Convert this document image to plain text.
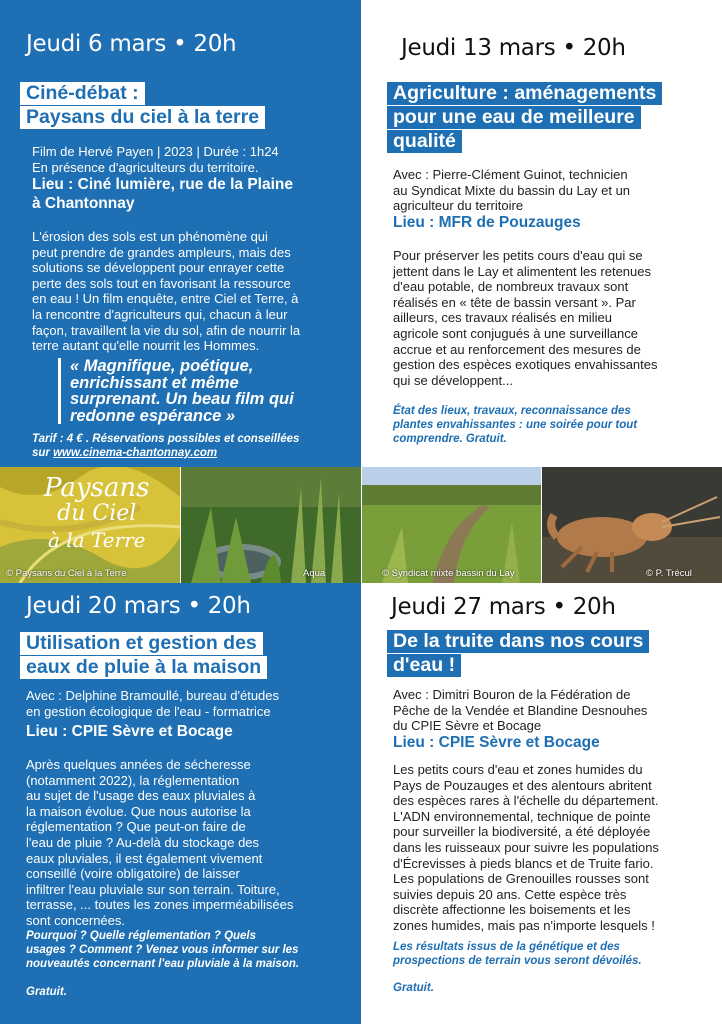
Jeudi 6 mars • 20h
Ciné-débat :
Paysans du ciel à la terre
Film de Hervé Payen | 2023 | Durée : 1h24
En présence d'agriculteurs du territoire.
Lieu : Ciné lumière, rue de la Plaine
à Chantonnay
L'érosion des sols est un phénomène qui
peut prendre de grandes ampleurs, mais des
solutions se développent pour enrayer cette
perte des sols tout en favorisant la ressource
en eau ! Un film enquête, entre Ciel et Terre, à
la rencontre d'agriculteurs qui, chacun à leur
façon, travaillent la vie du sol, afin de nourrir la
terre autant qu'elle nourrit les Hommes.
« Magnifique, poétique,
enrichissant et même
surprenant. Un beau film qui
redonne espérance »
Tarif : 4 € . Réservations possibles et conseillées
sur www.cinema-chantonnay.com
Jeudi 13 mars • 20h
Agriculture : aménagements
pour une eau de meilleure
qualité
Avec : Pierre-Clément Guinot, technicien
au Syndicat Mixte du bassin du Lay et un
agriculteur du territoire
Lieu : MFR de Pouzauges
Pour préserver les petits cours d'eau qui se
jettent dans le Lay et alimentent les retenues
d'eau potable, de nombreux travaux sont
réalisés en « tête de bassin versant ». Par
ailleurs, ces travaux réalisés en milieu
agricole sont conjugués à une surveillance
accrue et au renforcement des mesures de
gestion des espèces exotiques envahissantes
qui se développent...
État des lieux, travaux, reconnaissance des
plantes envahissantes : une soirée pour tout
comprendre. Gratuit.
Paysans
du Ciel
à la Terre
© Paysans du Ciel à la Terre	Aqua	© Syndicat mixte bassin du Lay	© P. Trécul
Jeudi 20 mars • 20h
Utilisation et gestion des
eaux de pluie à la maison
Avec : Delphine Bramoullé, bureau d'études
en gestion écologique de l'eau - formatrice
Lieu : CPIE Sèvre et Bocage
Après quelques années de sécheresse
(notamment 2022), la réglementation
au sujet de l'usage des eaux pluviales à
la maison évolue. Que nous autorise la
réglementation ? Que peut-on faire de
l'eau de pluie ? Au-delà du stockage des
eaux pluviales, il est également vivement
conseillé (voire obligatoire) de laisser
infiltrer l'eau pluviale sur son terrain. Toiture,
terrasse, ... toutes les zones imperméabilisées
sont concernées.
Pourquoi ? Quelle réglementation ? Quels
usages ? Comment ? Venez vous informer sur les
nouveautés concernant l'eau pluviale à la maison.
Gratuit.
Jeudi 27 mars • 20h
De la truite dans nos cours
d'eau !
Avec : Dimitri Bouron de la Fédération de
Pêche de la Vendée et Blandine Desnouhes
du CPIE Sèvre et Bocage
Lieu : CPIE Sèvre et Bocage
Les petits cours d'eau et zones humides du
Pays de Pouzauges et des alentours abritent
des espèces rares à l'échelle du département.
L'ADN environnemental, technique de pointe
pour surveiller la biodiversité, a été déployée
dans les ruisseaux pour suivre les populations
d'Écrevisses à pieds blancs et de Truite fario.
Les populations de Grenouilles rousses sont
suivies depuis 20 ans. Cette espèce très
discrète affectionne les boisements et les
zones humides, mais pas n'importe lesquels !
Les résultats issus de la génétique et des
prospections de terrain vous seront dévoilés.
Gratuit.
